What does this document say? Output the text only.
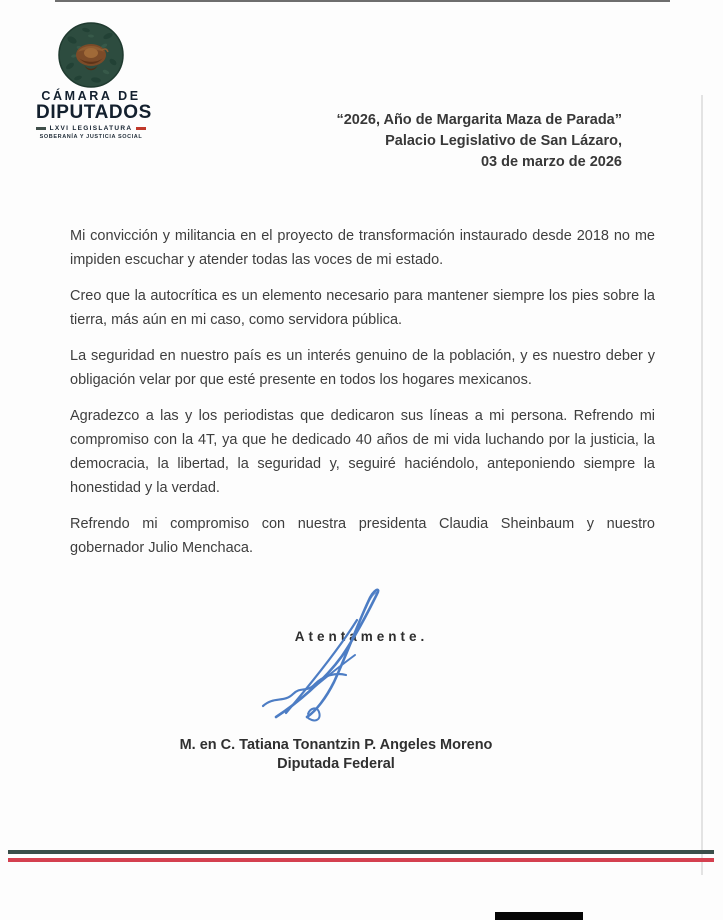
CÁMARA DE
DIPUTADOS
LXVI LEGISLATURA
SOBERANÍA Y JUSTICIA SOCIAL
“2026, Año de Margarita Maza de Parada”
Palacio Legislativo de San Lázaro,
03 de marzo de 2026

Mi convicción y militancia en el proyecto de transformación instaurado desde 2018 no me impiden escuchar y atender todas las voces de mi estado.

Creo que la autocrítica es un elemento necesario para mantener siempre los pies sobre la tierra, más aún en mi caso, como servidora pública.

La seguridad en nuestro país es un interés genuino de la población, y es nuestro deber y obligación velar por que esté presente en todos los hogares mexicanos.

Agradezco a las y los periodistas que dedicaron sus líneas a mi persona. Refrendo mi compromiso con la 4T, ya que he dedicado 40 años de mi vida luchando por la justicia, la democracia, la libertad, la seguridad y, seguiré haciéndolo, anteponiendo siempre la honestidad y la verdad.

Refrendo mi compromiso con nuestra presidenta Claudia Sheinbaum y nuestro gobernador Julio Menchaca.

Atentamente.
M. en C. Tatiana Tonantzin P. Angeles Moreno
Diputada Federal
